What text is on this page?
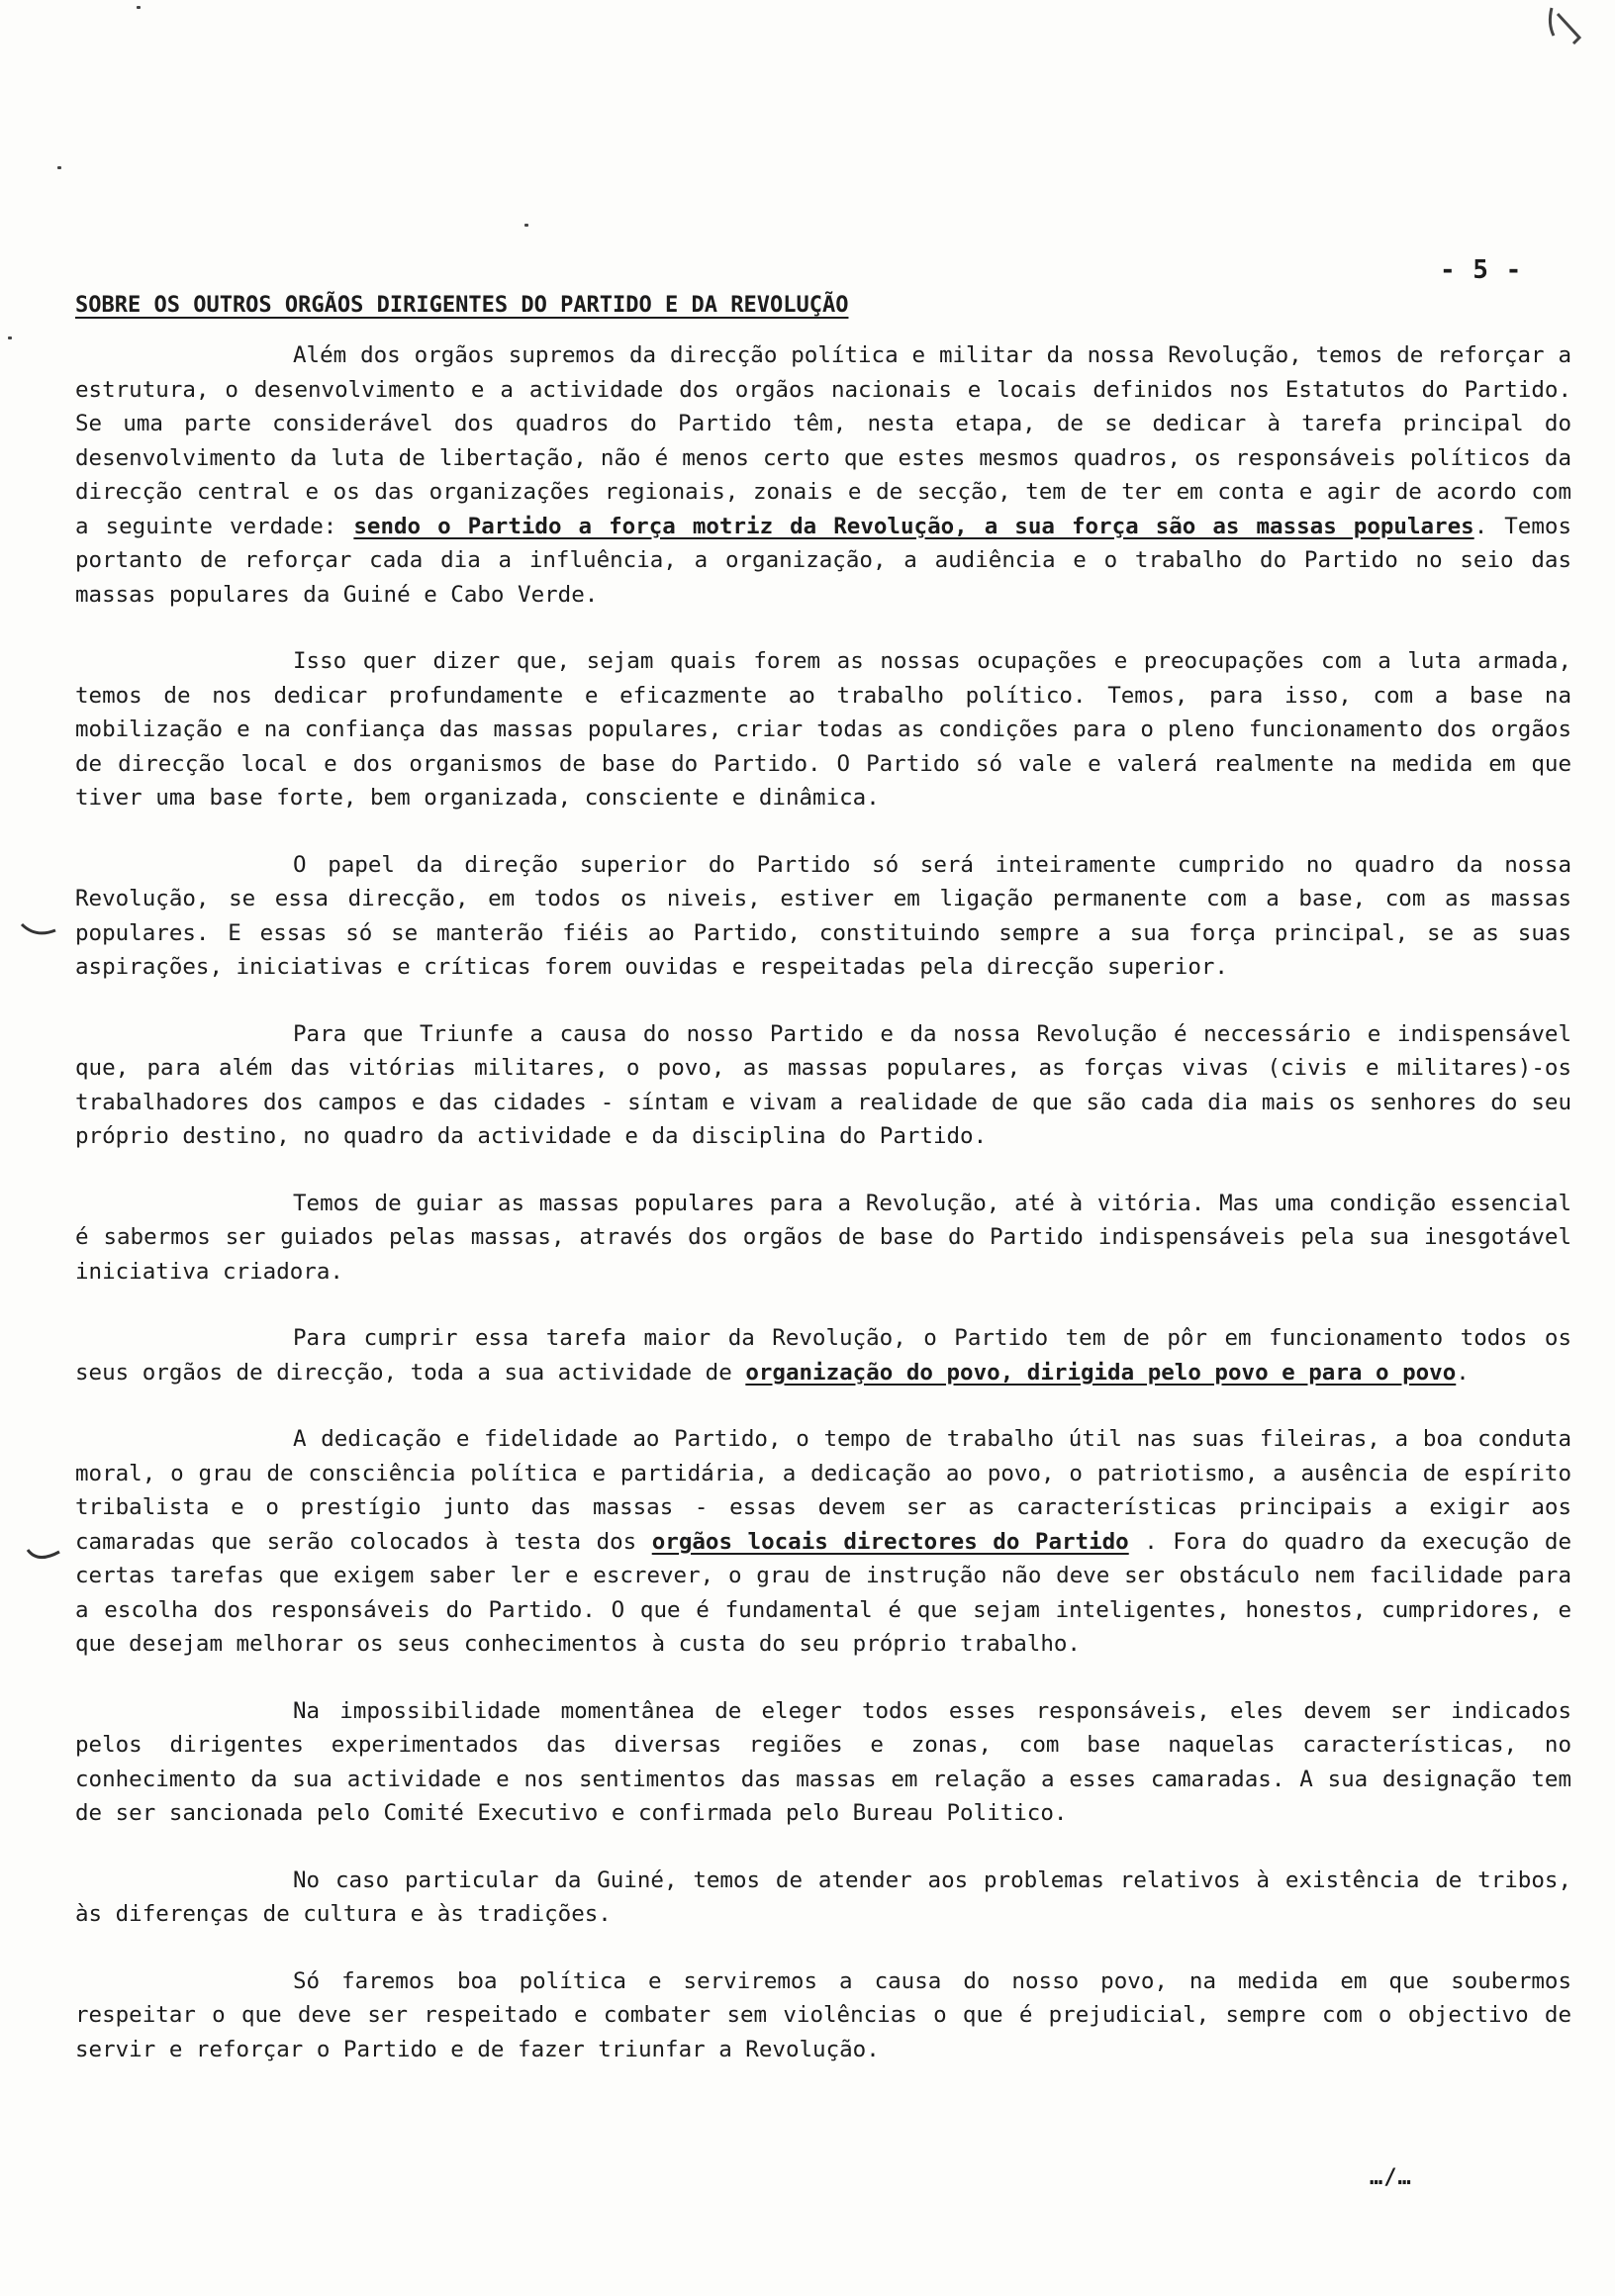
- 5 -
SOBRE OS OUTROS ORGÃOS DIRIGENTES DO PARTIDO E DA REVOLUÇÃO

Além dos orgãos supremos da direcção política e militar da nossa Revolução, temos de reforçar a estrutura, o desenvolvimento e a actividade dos orgãos nacionais e locais definidos nos Estatutos do Partido. Se uma parte considerável dos quadros do Partido têm, nesta etapa, de se dedicar à tarefa principal do desenvolvimento da luta de libertação, não é menos certo que estes mesmos quadros, os responsáveis políticos da direcção central e os das organizações regionais, zonais e de secção, tem de ter em conta e agir de acordo com a seguinte verdade: sendo o Partido a força motriz da Revolução, a sua força são as massas populares. Temos portanto de reforçar cada dia a influência, a organização, a audiência e o trabalho do Partido no seio das massas populares da Guiné e Cabo Verde.

Isso quer dizer que, sejam quais forem as nossas ocupações e preocupações com a luta armada, temos de nos dedicar profundamente e eficazmente ao trabalho político. Temos, para isso, com a base na mobilização e na confiança das massas populares, criar todas as condições para o pleno funcionamento dos orgãos de direcção local e dos organismos de base do Partido. O Partido só vale e valerá realmente na medida em que tiver uma base forte, bem organizada, consciente e dinâmica.

O papel da direção superior do Partido só será inteiramente cumprido no quadro da nossa Revolução, se essa direcção, em todos os niveis, estiver em ligação permanente com a base, com as massas populares. E essas só se manterão fiéis ao Partido, constituindo sempre a sua força principal, se as suas aspirações, iniciativas e críticas forem ouvidas e respeitadas pela direcção superior.

Para que Triunfe a causa do nosso Partido e da nossa Revolução é neccessário e indispensável que, para além das vitórias militares, o povo, as massas populares, as forças vivas (civis e militares)-os trabalhadores dos campos e das cidades - síntam e vivam a realidade de que são cada dia mais os senhores do seu próprio destino, no quadro da actividade e da disciplina do Partido.

Temos de guiar as massas populares para a Revolução, até à vitória. Mas uma condição essencial é sabermos ser guiados pelas massas, através dos orgãos de base do Partido indispensáveis pela sua inesgotável iniciativa criadora.

Para cumprir essa tarefa maior da Revolução, o Partido tem de pôr em funcionamento todos os seus orgãos de direcção, toda a sua actividade de organização do povo, dirigida pelo povo e para o povo.

A dedicação e fidelidade ao Partido, o tempo de trabalho útil nas suas fileiras, a boa conduta moral, o grau de consciência política e partidária, a dedicação ao povo, o patriotismo, a ausência de espírito tribalista e o prestígio junto das massas - essas devem ser as características principais a exigir aos camaradas que serão colocados à testa dos orgãos locais directores do Partido . Fora do quadro da execução de certas tarefas que exigem saber ler e escrever, o grau de instrução não deve ser obstáculo nem facilidade para a escolha dos responsáveis do Partido. O que é fundamental é que sejam inteligentes, honestos, cumpridores, e que desejam melhorar os seus conhecimentos à custa do seu próprio trabalho.

Na impossibilidade momentânea de eleger todos esses responsáveis, eles devem ser indicados pelos dirigentes experimentados das diversas regiões e zonas, com base naquelas características, no conhecimento da sua actividade e nos sentimentos das massas em relação a esses camaradas. A sua designação tem de ser sancionada pelo Comité Executivo e confirmada pelo Bureau Politico.

No caso particular da Guiné, temos de atender aos problemas relativos à existência de tribos, às diferenças de cultura e às tradições.

Só faremos boa política e serviremos a causa do nosso povo, na medida em que soubermos respeitar o que deve ser respeitado e combater sem violências o que é prejudicial, sempre com o objectivo de servir e reforçar o Partido e de fazer triunfar a Revolução.

…/…
